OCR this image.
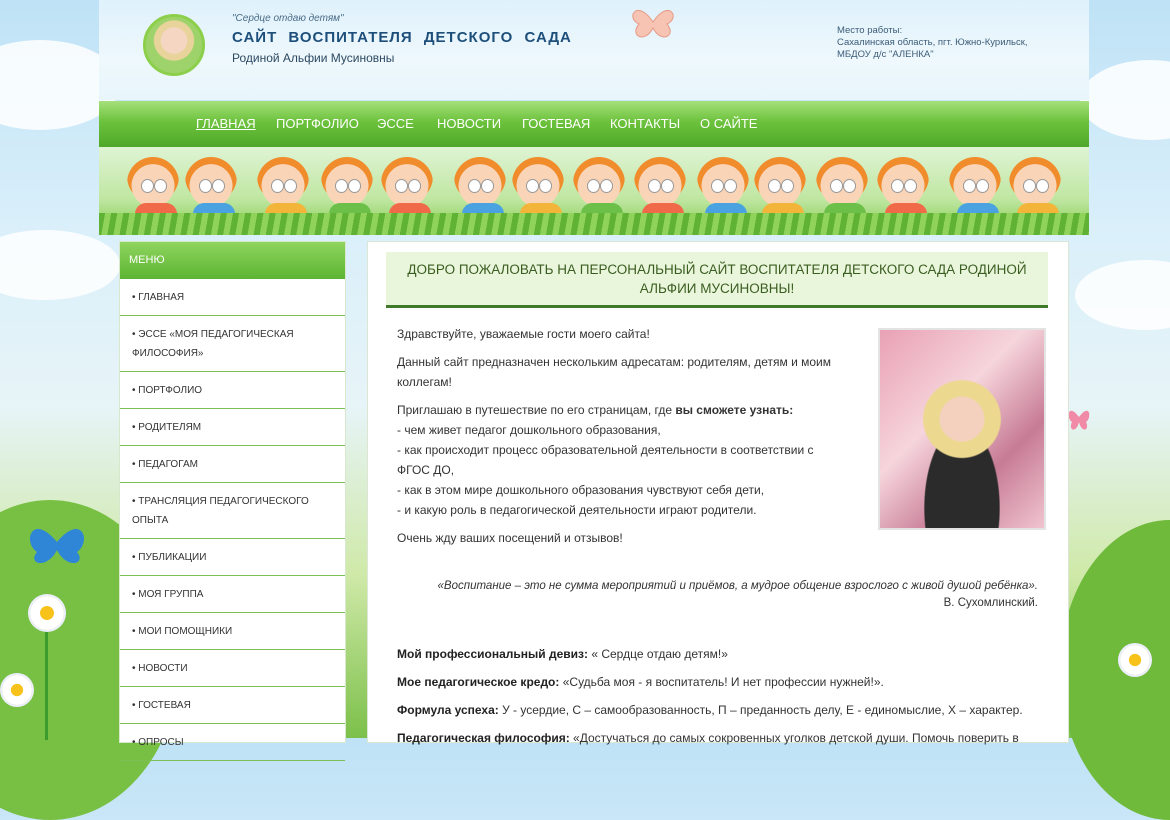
"Сердце отдаю детям"
САЙТ ВОСПИТАТЕЛЯ ДЕТСКОГО САДА
Родиной Альфии Мусиновны
Место работы:
Сахалинская область, пгт. Южно-Курильск,
МБДОУ д/с "АЛЕНКА"
ГЛАВНАЯ ПОРТФОЛИО ЭССЕ НОВОСТИ ГОСТЕВАЯ КОНТАКТЫ О САЙТЕ
МЕНЮ
• ГЛАВНАЯ
• ЭССЕ «МОЯ ПЕДАГОГИЧЕСКАЯ ФИЛОСОФИЯ»
• ПОРТФОЛИО
• РОДИТЕЛЯМ
• ПЕДАГОГАМ
• ТРАНСЛЯЦИЯ ПЕДАГОГИЧЕСКОГО ОПЫТА
• ПУБЛИКАЦИИ
• МОЯ ГРУППА
• МОИ ПОМОЩНИКИ
• НОВОСТИ
• ГОСТЕВАЯ
• ОПРОСЫ
ДОБРО ПОЖАЛОВАТЬ НА ПЕРСОНАЛЬНЫЙ САЙТ ВОСПИТАТЕЛЯ ДЕТСКОГО САДА РОДИНОЙ АЛЬФИИ МУСИНОВНЫ!

Здравствуйте, уважаемые гости моего сайта!

Данный сайт предназначен нескольким адресатам: родителям, детям и моим коллегам!

Приглашаю в путешествие по его страницам, где вы сможете узнать:

- чем живет педагог дошкольного образования,
- как происходит процесс образовательной деятельности в соответствии с ФГОС ДО,
- как в этом мире дошкольного образования чувствуют себя дети,
- и какую роль в педагогической деятельности играют родители.

Очень жду ваших посещений и отзывов!

«Воспитание – это не сумма мероприятий и приёмов, а мудрое общение взрослого с живой душой ребёнка».
В. Сухомлинский.
Мой профессиональный девиз: « Сердце отдаю детям!»
Мое педагогическое кредо: «Судьба моя - я воспитатель! И нет профессии нужней!».
Формула успеха: У - усердие, С – самообразованность, П – преданность делу, Е - единомыслие, Х – характер.
Педагогическая философия: «Достучаться до самых сокровенных уголков детской души. Помочь поверить в
